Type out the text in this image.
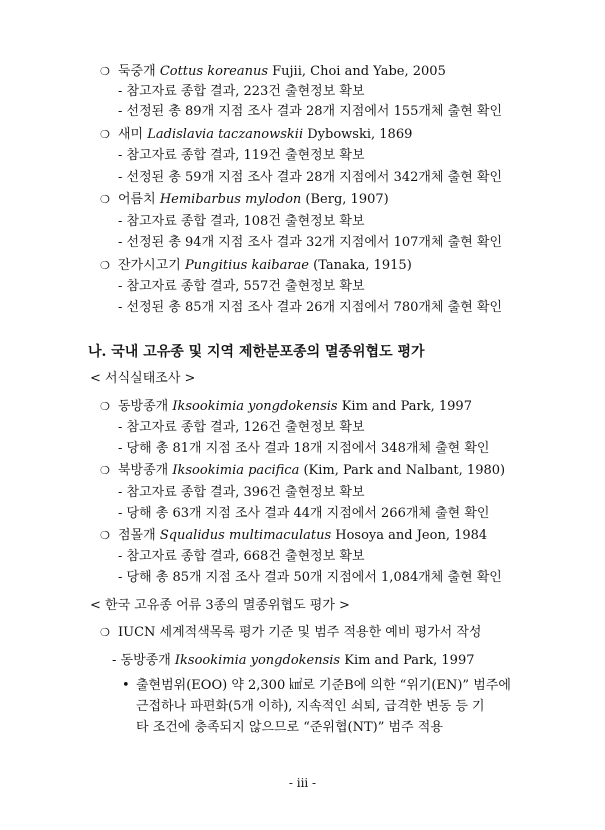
❍ 둑중개 Cottus koreanus Fujii, Choi and Yabe, 2005
- 참고자료 종합 결과, 223건 출현정보 확보
- 선정된 총 89개 지점 조사 결과 28개 지점에서 155개체 출현 확인
❍ 새미 Ladislavia taczanowskii Dybowski, 1869
- 참고자료 종합 결과, 119건 출현정보 확보
- 선정된 총 59개 지점 조사 결과 28개 지점에서 342개체 출현 확인
❍ 어름치 Hemibarbus mylodon (Berg, 1907)
- 참고자료 종합 결과, 108건 출현정보 확보
- 선정된 총 94개 지점 조사 결과 32개 지점에서 107개체 출현 확인
❍ 잔가시고기 Pungitius kaibarae (Tanaka, 1915)
- 참고자료 종합 결과, 557건 출현정보 확보
- 선정된 총 85개 지점 조사 결과 26개 지점에서 780개체 출현 확인
나. 국내 고유종 및 지역 제한분포종의 멸종위협도 평가
< 서식실태조사 >
❍ 동방종개 Iksookimia yongdokensis Kim and Park, 1997
- 참고자료 종합 결과, 126건 출현정보 확보
- 당해 총 81개 지점 조사 결과 18개 지점에서 348개체 출현 확인
❍ 북방종개 Iksookimia pacifica (Kim, Park and Nalbant, 1980)
- 참고자료 종합 결과, 396건 출현정보 확보
- 당해 총 63개 지점 조사 결과 44개 지점에서 266개체 출현 확인
❍ 점몰개 Squalidus multimaculatus Hosoya and Jeon, 1984
- 참고자료 종합 결과, 668건 출현정보 확보
- 당해 총 85개 지점 조사 결과 50개 지점에서 1,084개체 출현 확인
< 한국 고유종 어류 3종의 멸종위협도 평가 >
❍ IUCN 세계적색목록 평가 기준 및 범주 적용한 예비 평가서 작성
- 동방종개 Iksookimia yongdokensis Kim and Park, 1997
• 출현범위(EOO) 약 2,300 ㎢로 기준B에 의한 “위기(EN)” 범주에
근접하나 파편화(5개 이하), 지속적인 쇠퇴, 급격한 변동 등 기
타 조건에 충족되지 않으므로 “준위협(NT)” 범주 적용
- iii -
